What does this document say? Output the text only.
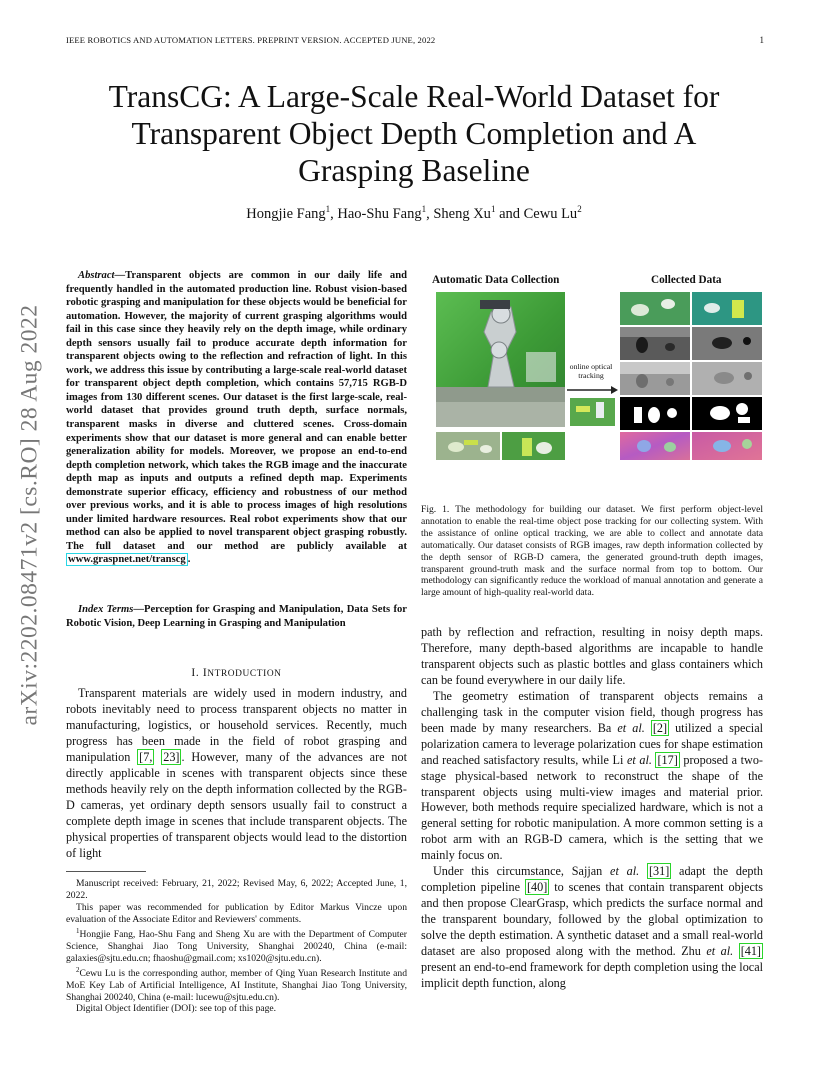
IEEE ROBOTICS AND AUTOMATION LETTERS. PREPRINT VERSION. ACCEPTED JUNE, 2022	1
arXiv:2202.08471v2 [cs.RO] 28 Aug 2022
TransCG: A Large-Scale Real-World Dataset for
Transparent Object Depth Completion and A
Grasping Baseline
Hongjie Fang$^1$, Hao-Shu Fang$^1$, Sheng Xu$^1$ and Cewu Lu$^2$

Abstract—Transparent objects are common in our daily life and frequently handled in the automated production line. Robust vision-based robotic grasping and manipulation for these objects would be beneficial for automation. However, the majority of current grasping algorithms would fail in this case since they heavily rely on the depth image, while ordinary depth sensors usually fail to produce accurate depth information for transparent objects owing to the reflection and refraction of light. In this work, we address this issue by contributing a large-scale real-world dataset for transparent object depth completion, which contains 57,715 RGB-D images from 130 different scenes. Our dataset is the first large-scale, real-world dataset that provides ground truth depth, surface normals, transparent masks in diverse and cluttered scenes. Cross-domain experiments show that our dataset is more general and can enable better generalization ability for models. Moreover, we propose an end-to-end depth completion network, which takes the RGB image and the inaccurate depth map as inputs and outputs a refined depth map. Experiments demonstrate superior efficacy, efficiency and robustness of our method over previous works, and it is able to process images of high resolutions under limited hardware resources. Real robot experiments show that our method can also be applied to novel transparent object grasping robustly. The full dataset and our method are publicly available at www.graspnet.net/transcg .

Index Terms—Perception for Grasping and Manipulation, Data Sets for Robotic Vision, Deep Learning in Grasping and Manipulation

I. INTRODUCTION

Transparent materials are widely used in modern industry, and robots inevitably need to process transparent objects no matter in manufacturing, logistics, or household services. Recently, much progress has been made in the field of robot grasping and manipulation [7, 23] . However, many of the advances are not directly applicable in scenes with transparent objects since these methods heavily rely on the depth information collected by the RGB-D cameras, yet ordinary depth sensors usually fail to construct a complete depth image in scenes that include transparent objects. The physical properties of transparent objects would lead to the distortion of light

Manuscript received: February, 21, 2022; Revised May, 6, 2022; Accepted June, 1, 2022.

This paper was recommended for publication by Editor Markus Vincze upon evaluation of the Associate Editor and Reviewers' comments.

$^1$Hongjie Fang, Hao-Shu Fang and Sheng Xu are with the Department of Computer Science, Shanghai Jiao Tong University, Shanghai 200240, China (e-mail: galaxies@sjtu.edu.cn; fhaoshu@gmail.com; xs1020@sjtu.edu.cn).

$^2$Cewu Lu is the corresponding author, member of Qing Yuan Research Institute and MoE Key Lab of Artificial Intelligence, AI Institute, Shanghai Jiao Tong University, Shanghai 200240, China (e-mail: lucewu@sjtu.edu.cn).

Digital Object Identifier (DOI): see top of this page.

Automatic Data Collection	Collected Data
online optical
tracking
Fig. 1. The methodology for building our dataset. We first perform object-level annotation to enable the real-time object pose tracking for our collecting system. With the assistance of online optical tracking, we are able to collect and annotate data automatically. Our dataset consists of RGB images, raw depth information collected by the depth sensor of RGB-D camera, the generated ground-truth depth images, transparent ground-truth mask and the surface normal from top to bottom. Our methodology can significantly reduce the workload of manual annotation and generate a large amount of high-quality real-world data.

path by reflection and refraction, resulting in noisy depth maps. Therefore, many depth-based algorithms are incapable to handle transparent objects such as plastic bottles and glass containers which can be found everywhere in our daily life.

The geometry estimation of transparent objects remains a challenging task in the computer vision field, though progress has been made by many researchers. Ba et al. [2] utilized a special polarization camera to leverage polarization cues for shape estimation and reached satisfactory results, while Li et al. [17] proposed a two-stage physical-based network to reconstruct the shape of the transparent objects using multi-view images and material prior. However, both methods require specialized hardware, which is not a general setting for robotic manipulation. A more common setting is a robot arm with an RGB-D camera, which is the setting that we mainly focus on.

Under this circumstance, Sajjan et al. [31] adapt the depth completion pipeline [40] to scenes that contain transparent objects and then propose ClearGrasp, which predicts the surface normal and the transparent boundary, followed by the global optimization to solve the depth estimation. A synthetic dataset and a small real-world dataset are also proposed along with the method. Zhu et al. [41] present an end-to-end framework for depth completion using the local implicit depth function, along
